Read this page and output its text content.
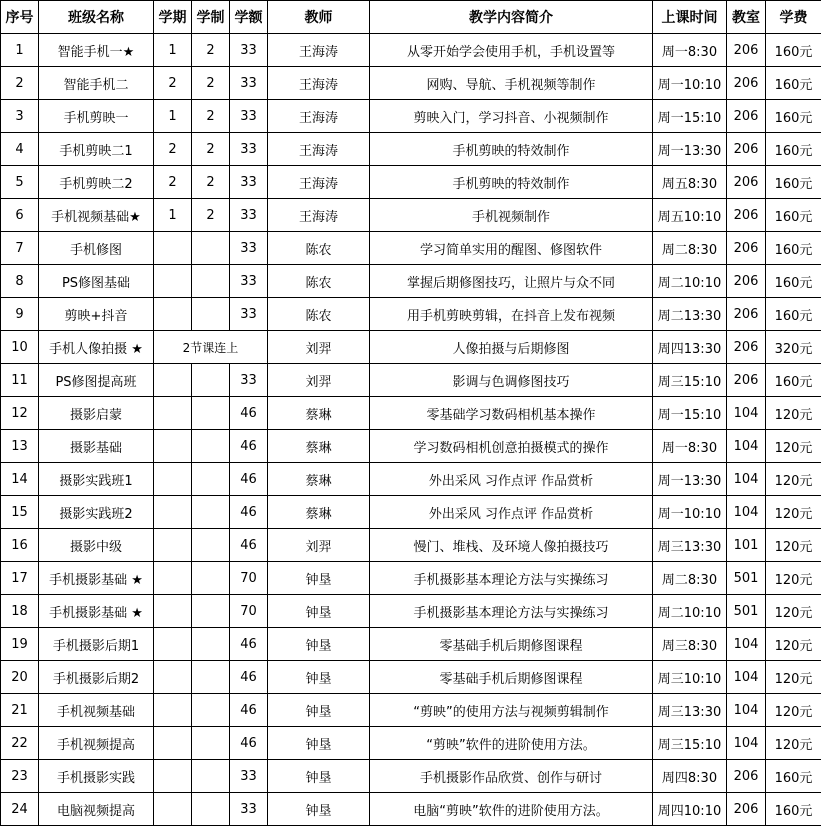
序号	班级名称	学期	学制	学额	教师	教学内容简介	上课时间	教室	学费
1	智能手机一★	1	2	33	王海涛	从零开始学会使用手机，手机设置等	周一8:30	206	160元
2	智能手机二	2	2	33	王海涛	网购、导航、手机视频等制作	周一10:10	206	160元
3	手机剪映一	1	2	33	王海涛	剪映入门，学习抖音、小视频制作	周一15:10	206	160元
4	手机剪映二1	2	2	33	王海涛	手机剪映的特效制作	周一13:30	206	160元
5	手机剪映二2	2	2	33	王海涛	手机剪映的特效制作	周五8:30	206	160元
6	手机视频基础★	1	2	33	王海涛	手机视频制作	周五10:10	206	160元
7	手机修图			33	陈农	学习简单实用的醒图、修图软件	周二8:30	206	160元
8	PS修图基础			33	陈农	掌握后期修图技巧，让照片与众不同	周二10:10	206	160元
9	剪映+抖音			33	陈农	用手机剪映剪辑，在抖音上发布视频	周二13:30	206	160元
10	手机人像拍摄 ★	2节课连上			刘羿	人像拍摄与后期修图	周四13:30	206	320元
11	PS修图提高班			33	刘羿	影调与色调修图技巧	周三15:10	206	160元
12	摄影启蒙			46	蔡琳	零基础学习数码相机基本操作	周一15:10	104	120元
13	摄影基础			46	蔡琳	学习数码相机创意拍摄模式的操作	周一8:30	104	120元
14	摄影实践班1			46	蔡琳	外出采风 习作点评 作品赏析	周一13:30	104	120元
15	摄影实践班2			46	蔡琳	外出采风 习作点评 作品赏析	周一10:10	104	120元
16	摄影中级			46	刘羿	慢门、堆栈、及环境人像拍摄技巧	周三13:30	101	120元
17	手机摄影基础 ★			70	钟垦	手机摄影基本理论方法与实操练习	周二8:30	501	120元
18	手机摄影基础 ★			70	钟垦	手机摄影基本理论方法与实操练习	周二10:10	501	120元
19	手机摄影后期1			46	钟垦	零基础手机后期修图课程	周三8:30	104	120元
20	手机摄影后期2			46	钟垦	零基础手机后期修图课程	周三10:10	104	120元
21	手机视频基础			46	钟垦	“剪映”的使用方法与视频剪辑制作	周三13:30	104	120元
22	手机视频提高			46	钟垦	“剪映”软件的进阶使用方法。	周三15:10	104	120元
23	手机摄影实践			33	钟垦	手机摄影作品欣赏、创作与研讨	周四8:30	206	160元
24	电脑视频提高			33	钟垦	电脑“剪映”软件的进阶使用方法。	周四10:10	206	160元
